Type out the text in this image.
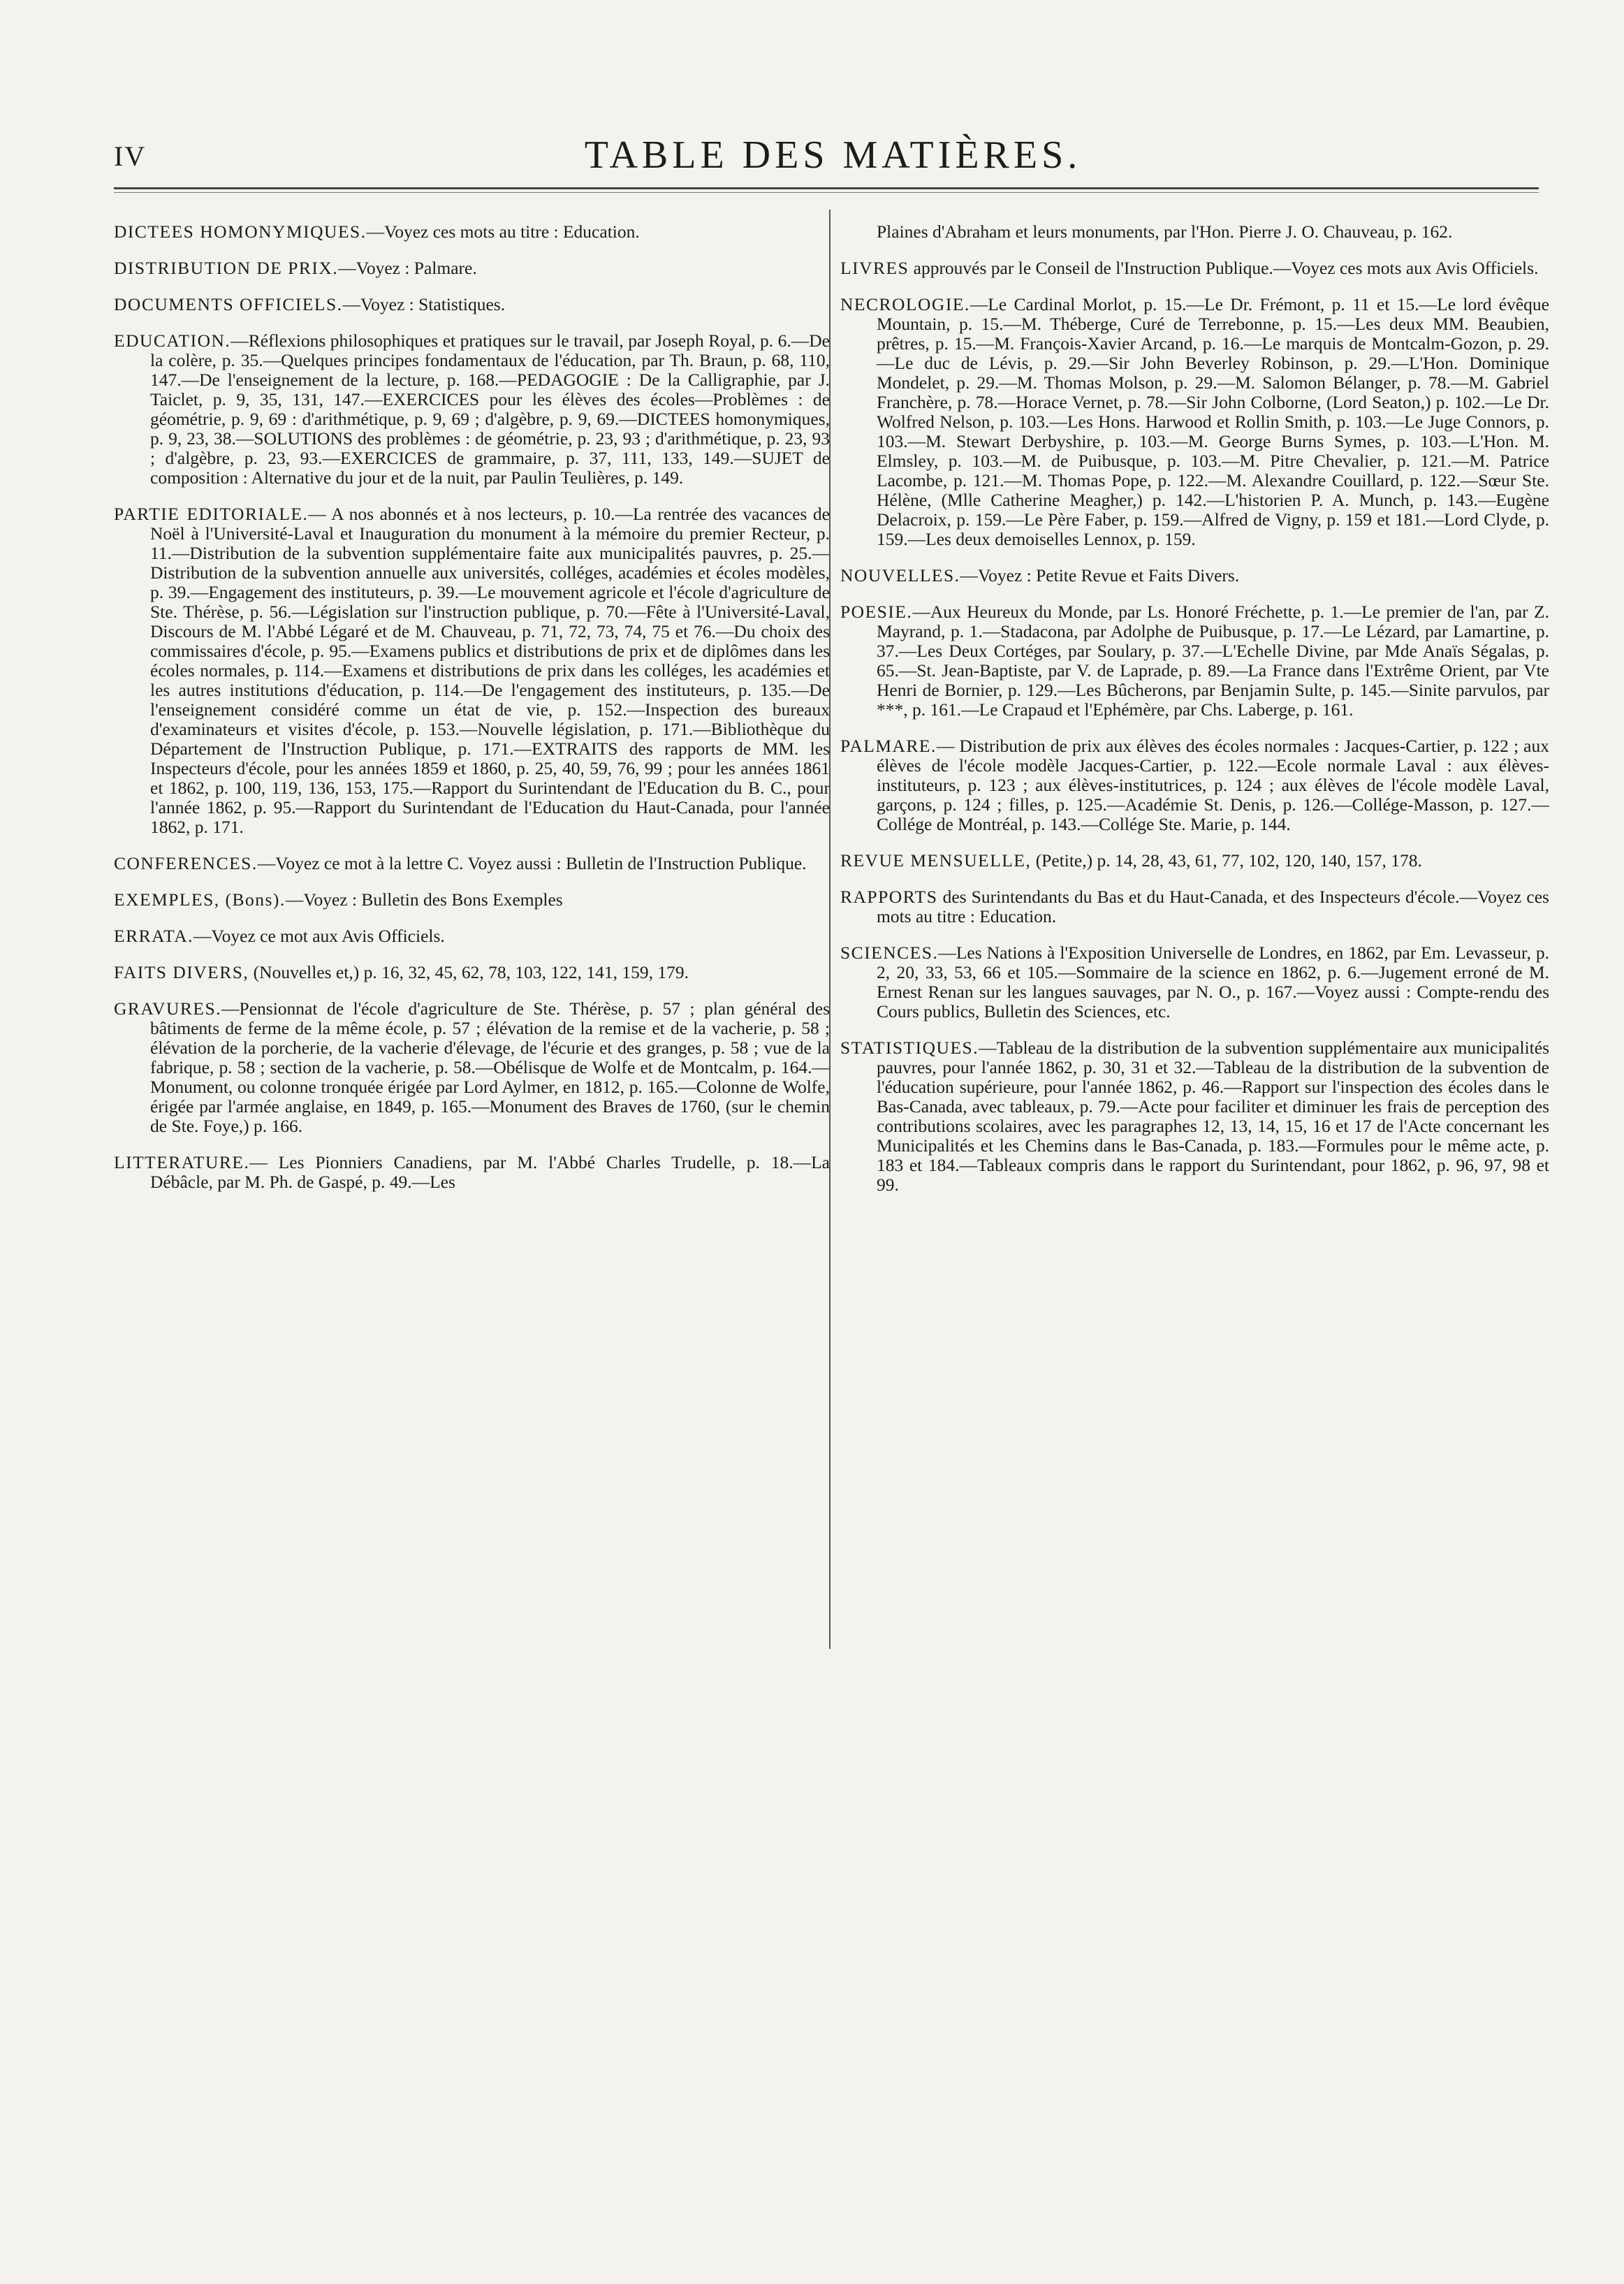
IV	TABLE DES MATIÈRES.

DICTEES HOMONYMIQUES.—Voyez ces mots au titre : Education.

DISTRIBUTION DE PRIX.—Voyez : Palmare.

DOCUMENTS OFFICIELS.—Voyez : Statistiques.

EDUCATION.—Réflexions philosophiques et pratiques sur le travail, par Joseph Royal, p. 6.—De la colère, p. 35.—Quelques principes fondamentaux de l'éducation, par Th. Braun, p. 68, 110, 147.—De l'enseignement de la lecture, p. 168.—PEDAGOGIE : De la Calligraphie, par J. Taiclet, p. 9, 35, 131, 147.—EXERCICES pour les élèves des écoles—Problèmes : de géométrie, p. 9, 69 : d'arithmétique, p. 9, 69 ; d'algèbre, p. 9, 69.—DICTEES homonymiques, p. 9, 23, 38.—SOLUTIONS des problèmes : de géométrie, p. 23, 93 ; d'arithmétique, p. 23, 93 ; d'algèbre, p. 23, 93.—EXERCICES de grammaire, p. 37, 111, 133, 149.—SUJET de composition : Alternative du jour et de la nuit, par Paulin Teulières, p. 149.

PARTIE EDITORIALE.— A nos abonnés et à nos lecteurs, p. 10.—La rentrée des vacances de Noël à l'Université-Laval et Inauguration du monument à la mémoire du premier Recteur, p. 11.—Distribution de la subvention supplémentaire faite aux municipalités pauvres, p. 25.—Distribution de la subvention annuelle aux universités, colléges, académies et écoles modèles, p. 39.—Engagement des instituteurs, p. 39.—Le mouvement agricole et l'école d'agriculture de Ste. Thérèse, p. 56.—Législation sur l'instruction publique, p. 70.—Fête à l'Université-Laval, Discours de M. l'Abbé Légaré et de M. Chauveau, p. 71, 72, 73, 74, 75 et 76.—Du choix des commissaires d'école, p. 95.—Examens publics et distributions de prix et de diplômes dans les écoles normales, p. 114.—Examens et distributions de prix dans les colléges, les académies et les autres institutions d'éducation, p. 114.—De l'engagement des instituteurs, p. 135.—De l'enseignement considéré comme un état de vie, p. 152.—Inspection des bureaux d'examinateurs et visites d'école, p. 153.—Nouvelle législation, p. 171.—Bibliothèque du Département de l'Instruction Publique, p. 171.—EXTRAITS des rapports de MM. les Inspecteurs d'école, pour les années 1859 et 1860, p. 25, 40, 59, 76, 99 ; pour les années 1861 et 1862, p. 100, 119, 136, 153, 175.—Rapport du Surintendant de l'Education du B. C., pour l'année 1862, p. 95.—Rapport du Surintendant de l'Education du Haut-Canada, pour l'année 1862, p. 171.

CONFERENCES.—Voyez ce mot à la lettre C. Voyez aussi : Bulletin de l'Instruction Publique.

EXEMPLES, (Bons).—Voyez : Bulletin des Bons Exemples

ERRATA.—Voyez ce mot aux Avis Officiels.

FAITS DIVERS, (Nouvelles et,) p. 16, 32, 45, 62, 78, 103, 122, 141, 159, 179.

GRAVURES.—Pensionnat de l'école d'agriculture de Ste. Thérèse, p. 57 ; plan général des bâtiments de ferme de la même école, p. 57 ; élévation de la remise et de la vacherie, p. 58 ; élévation de la porcherie, de la vacherie d'élevage, de l'écurie et des granges, p. 58 ; vue de la fabrique, p. 58 ; section de la vacherie, p. 58.—Obélisque de Wolfe et de Montcalm, p. 164.—Monument, ou colonne tronquée érigée par Lord Aylmer, en 1812, p. 165.—Colonne de Wolfe, érigée par l'armée anglaise, en 1849, p. 165.—Monument des Braves de 1760, (sur le chemin de Ste. Foye,) p. 166.

LITTERATURE.— Les Pionniers Canadiens, par M. l'Abbé Charles Trudelle, p. 18.—La Débâcle, par M. Ph. de Gaspé, p. 49.—Les

Plaines d'Abraham et leurs monuments, par l'Hon. Pierre J. O. Chauveau, p. 162.

LIVRES approuvés par le Conseil de l'Instruction Publique.—Voyez ces mots aux Avis Officiels.

NECROLOGIE.—Le Cardinal Morlot, p. 15.—Le Dr. Frémont, p. 11 et 15.—Le lord évêque Mountain, p. 15.—M. Théberge, Curé de Terrebonne, p. 15.—Les deux MM. Beaubien, prêtres, p. 15.—M. François-Xavier Arcand, p. 16.—Le marquis de Montcalm-Gozon, p. 29.—Le duc de Lévis, p. 29.—Sir John Beverley Robinson, p. 29.—L'Hon. Dominique Mondelet, p. 29.—M. Thomas Molson, p. 29.—M. Salomon Bélanger, p. 78.—M. Gabriel Franchère, p. 78.—Horace Vernet, p. 78.—Sir John Colborne, (Lord Seaton,) p. 102.—Le Dr. Wolfred Nelson, p. 103.—Les Hons. Harwood et Rollin Smith, p. 103.—Le Juge Connors, p. 103.—M. Stewart Derbyshire, p. 103.—M. George Burns Symes, p. 103.—L'Hon. M. Elmsley, p. 103.—M. de Puibusque, p. 103.—M. Pitre Chevalier, p. 121.—M. Patrice Lacombe, p. 121.—M. Thomas Pope, p. 122.—M. Alexandre Couillard, p. 122.—Sœur Ste. Hélène, (Mlle Catherine Meagher,) p. 142.—L'historien P. A. Munch, p. 143.—Eugène Delacroix, p. 159.—Le Père Faber, p. 159.—Alfred de Vigny, p. 159 et 181.—Lord Clyde, p. 159.—Les deux demoiselles Lennox, p. 159.

NOUVELLES.—Voyez : Petite Revue et Faits Divers.

POESIE.—Aux Heureux du Monde, par Ls. Honoré Fréchette, p. 1.—Le premier de l'an, par Z. Mayrand, p. 1.—Stadacona, par Adolphe de Puibusque, p. 17.—Le Lézard, par Lamartine, p. 37.—Les Deux Cortéges, par Soulary, p. 37.—L'Echelle Divine, par Mde Anaïs Ségalas, p. 65.—St. Jean-Baptiste, par V. de Laprade, p. 89.—La France dans l'Extrême Orient, par Vte Henri de Bornier, p. 129.—Les Bûcherons, par Benjamin Sulte, p. 145.—Sinite parvulos, par ***, p. 161.—Le Crapaud et l'Ephémère, par Chs. Laberge, p. 161.

PALMARE.— Distribution de prix aux élèves des écoles normales : Jacques-Cartier, p. 122 ; aux élèves de l'école modèle Jacques-Cartier, p. 122.—Ecole normale Laval : aux élèves-instituteurs, p. 123 ; aux élèves-institutrices, p. 124 ; aux élèves de l'école modèle Laval, garçons, p. 124 ; filles, p. 125.—Académie St. Denis, p. 126.—Collége-Masson, p. 127.—Collége de Montréal, p. 143.—Collége Ste. Marie, p. 144.

REVUE MENSUELLE, (Petite,) p. 14, 28, 43, 61, 77, 102, 120, 140, 157, 178.

RAPPORTS des Surintendants du Bas et du Haut-Canada, et des Inspecteurs d'école.—Voyez ces mots au titre : Education.

SCIENCES.—Les Nations à l'Exposition Universelle de Londres, en 1862, par Em. Levasseur, p. 2, 20, 33, 53, 66 et 105.—Sommaire de la science en 1862, p. 6.—Jugement erroné de M. Ernest Renan sur les langues sauvages, par N. O., p. 167.—Voyez aussi : Compte-rendu des Cours publics, Bulletin des Sciences, etc.

STATISTIQUES.—Tableau de la distribution de la subvention supplémentaire aux municipalités pauvres, pour l'année 1862, p. 30, 31 et 32.—Tableau de la distribution de la subvention de l'éducation supérieure, pour l'année 1862, p. 46.—Rapport sur l'inspection des écoles dans le Bas-Canada, avec tableaux, p. 79.—Acte pour faciliter et diminuer les frais de perception des contributions scolaires, avec les paragraphes 12, 13, 14, 15, 16 et 17 de l'Acte concernant les Municipalités et les Chemins dans le Bas-Canada, p. 183.—Formules pour le même acte, p. 183 et 184.—Tableaux compris dans le rapport du Surintendant, pour 1862, p. 96, 97, 98 et 99.
